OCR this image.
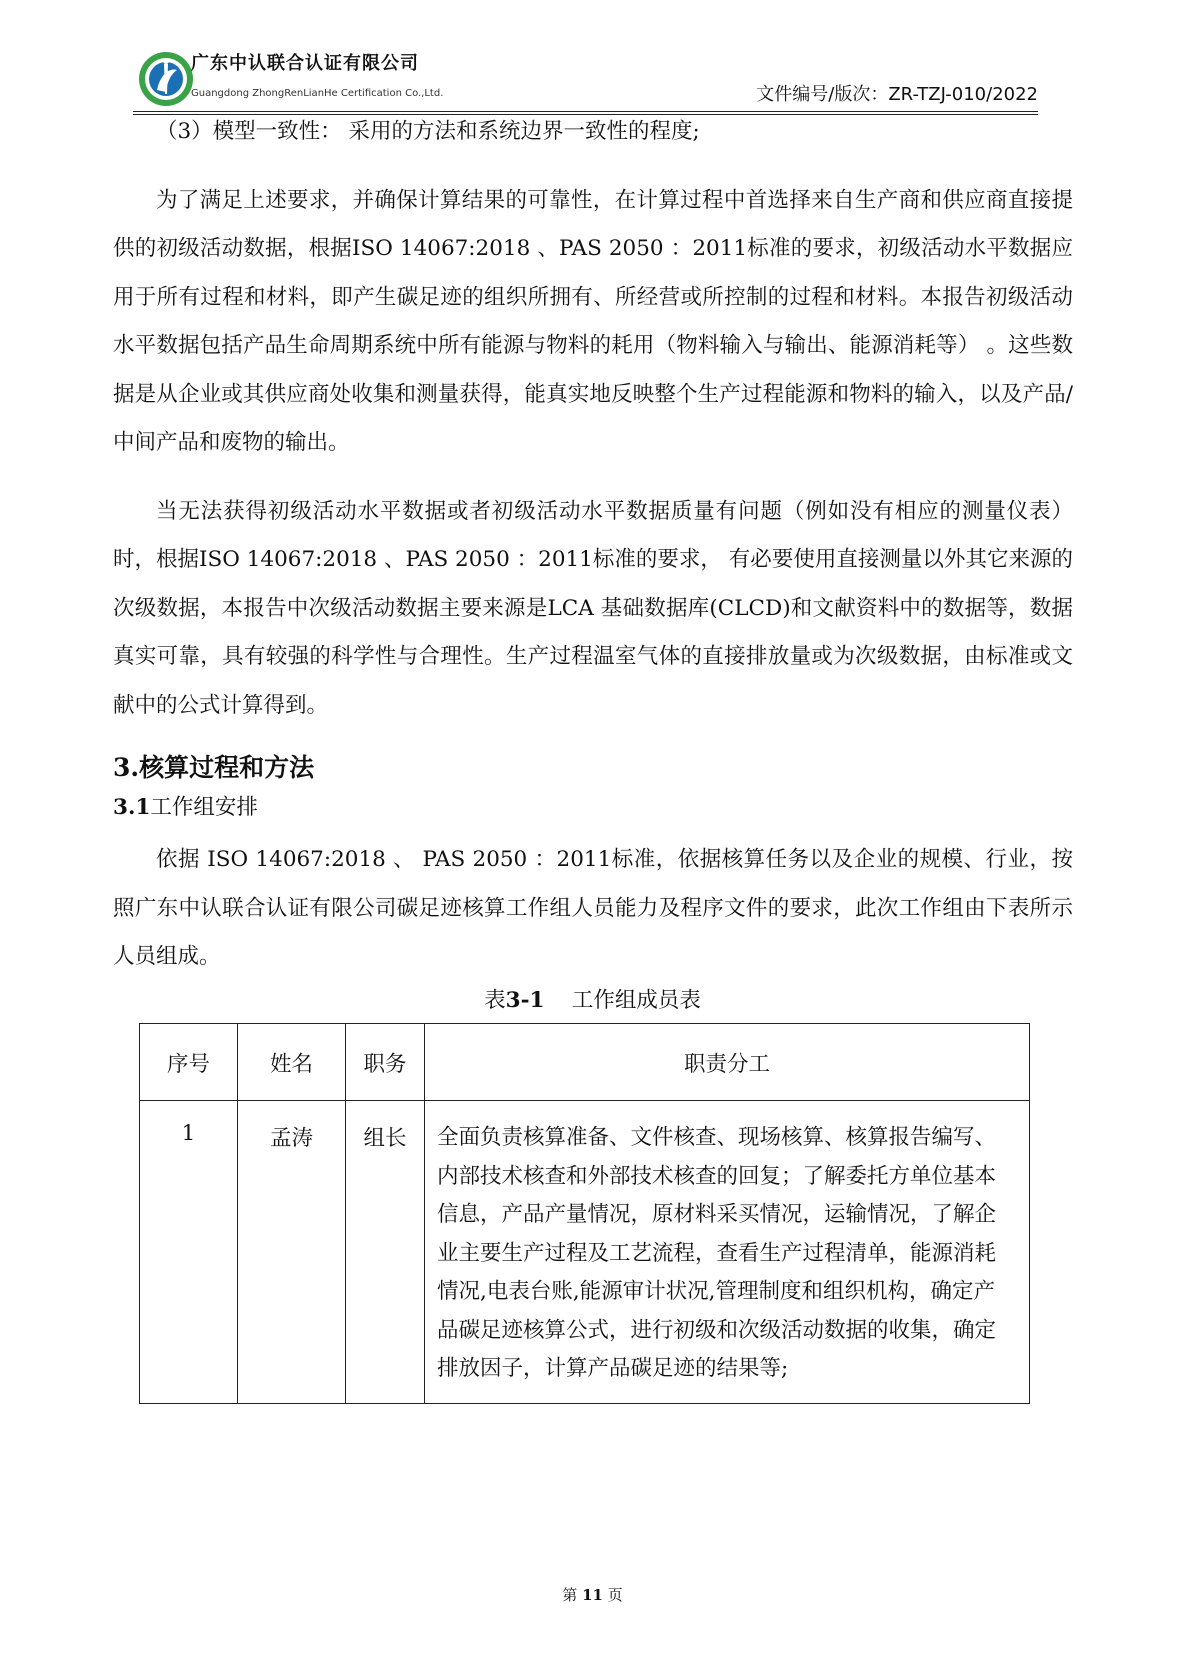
广东中认联合认证有限公司
Guangdong ZhongRenLianHe Certification Co.,Ltd.	文件编号/版次：ZR-TZJ-010/2022

（3）模型一致性： 采用的方法和系统边界一致性的程度;

为了满足上述要求，并确保计算结果的可靠性，在计算过程中首选择来自生产商和供应商直接提供的初级活动数据，根据ISO 14067:2018 、PAS 2050 ：2011标准的要求，初级活动水平数据应用于所有过程和材料，即产生碳足迹的组织所拥有、所经营或所控制的过程和材料。本报告初级活动水平数据包括产品生命周期系统中所有能源与物料的耗用（物料输入与输出、能源消耗等） 。这些数据是从企业或其供应商处收集和测量获得，能真实地反映整个生产过程能源和物料的输入，以及产品/中间产品和废物的输出。

当无法获得初级活动水平数据或者初级活动水平数据质量有问题（例如没有相应的测量仪表）时，根据ISO 14067:2018 、PAS 2050 ：2011标准的要求， 有必要使用直接测量以外其它来源的次级数据，本报告中次级活动数据主要来源是LCA 基础数据库(CLCD)和文献资料中的数据等，数据真实可靠，具有较强的科学性与合理性。生产过程温室气体的直接排放量或为次级数据，由标准或文献中的公式计算得到。

3.核算过程和方法
3.1工作组安排

依据 ISO 14067:2018 、 PAS 2050 ：2011标准，依据核算任务以及企业的规模、行业，按照广东中认联合认证有限公司碳足迹核算工作组人员能力及程序文件的要求，此次工作组由下表所示人员组成。

表3-1 工作组成员表
序号	姓名	职务	职责分工
1	孟涛	组长	全面负责核算准备、文件核查、现场核算、核算报告编写、内部技术核查和外部技术核查的回复；了解委托方单位基本信息，产品产量情况，原材料采买情况，运输情况，了解企业主要生产过程及工艺流程，查看生产过程清单，能源消耗情况,电表台账,能源审计状况,管理制度和组织机构，确定产品碳足迹核算公式，进行初级和次级活动数据的收集，确定排放因子，计算产品碳足迹的结果等;
第 11 页
